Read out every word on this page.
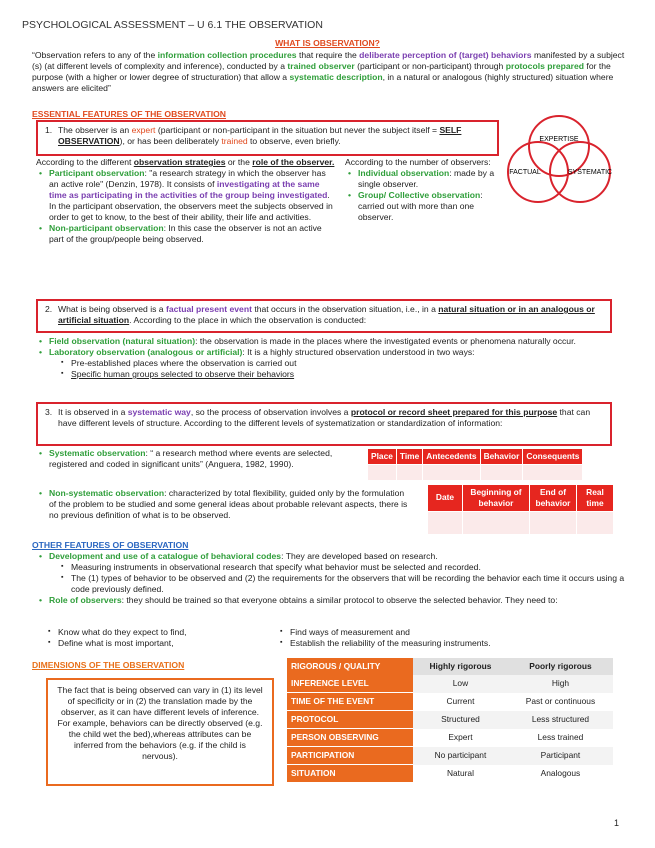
PSYCHOLOGICAL ASSESSMENT – U 6.1 THE OBSERVATION
WHAT IS OBSERVATION?
“Observation refers to any of the information collection procedures that require the deliberate perception of (target) behaviors manifested by a subject (s) (at different levels of complexity and inference), conducted by a trained observer (participant or non-participant) through protocols prepared for the purpose (with a higher or lower degree of structuration) that allow a systematic description, in a natural or analogous (highly structured) situation where answers are elicited”
ESSENTIAL FEATURES OF THE OBSERVATION
1. The observer is an expert (participant or non-participant in the situation but never the subject itself = SELF OBSERVATION), or has been deliberately trained to observe, even briefly.	EXPERTISE
FACTUAL	SYSTEMATIC
According to the different observation strategies or the role of the observer.
• Participant observation: "a research strategy in which the observer has an active role" (Denzin, 1978). It consists of investigating at the same time as participating in the activities of the group being investigated. In the participant observation, the observers meet the subjects observed in order to get to know, to the best of their ability, their life and activities.
• Non-participant observation: In this case the observer is not an active part of the group/people being observed.
According to the number of observers:
• Individual observation: made by a single observer.
• Group/ Collective observation: carried out with more than one observer.
2. What is being observed is a factual present event that occurs in the observation situation, i.e., in a natural situation or in an analogous or artificial situation. According to the place in which the observation is conducted:
• Field observation (natural situation): the observation is made in the places where the investigated events or phenomena naturally occur.
• Laboratory observation (analogous or artificial): It is a highly structured observation understood in two ways:
▪ Pre-established places where the observation is carried out
▪ Specific human groups selected to observe their behaviors
3. It is observed in a systematic way, so the process of observation involves a protocol or record sheet prepared for this purpose that can have different levels of structure. According to the different levels of systematization or standardization of information:
• Systematic observation: “ a research method where events are selected, registered and coded in significant units” (Anguera, 1982, 1990).
• Non-systematic observation: characterized by total flexibility, guided only by the formulation of the problem to be studied and some general ideas about probable relevant aspects, there is no previous definition of what is to be observed.
Place	Time	Antecedents	Behavior	Consequents

Date	Beginning of behavior	End of behavior	Real time

OTHER FEATURES OF OBSERVATION
• Development and use of a catalogue of behavioral codes: They are developed based on research.
▪ Measuring instruments in observational research that specify what behavior must be selected and recorded.
▪ The (1) types of behavior to be observed and (2) the requirements for the observers that will be recording the behavior each time it occurs using a code previously defined.
• Role of observers: they should be trained so that everyone obtains a similar protocol to observe the selected behavior. They need to:
▪ Know what do they expect to find,
▪ Define what is most important,
▪ Find ways of measurement and
▪ Establish the reliability of the measuring instruments.
DIMENSIONS OF THE OBSERVATION
The fact that is being observed can vary in (1) its level of specificity or in (2) the translation made by the observer, as it can have different levels of inference. For example, behaviors can be directly observed (e.g. the child wet the bed),whereas attributes can be inferred from the behaviors (e.g. if the child is nervous).
RIGOROUS / QUALITY	Highly rigorous	Poorly rigorous
INFERENCE LEVEL	Low	High
TIME OF THE EVENT	Current	Past or continuous
PROTOCOL	Structured	Less structured
PERSON OBSERVING	Expert	Less trained
PARTICIPATION	No participant	Participant
SITUATION	Natural	Analogous
1
